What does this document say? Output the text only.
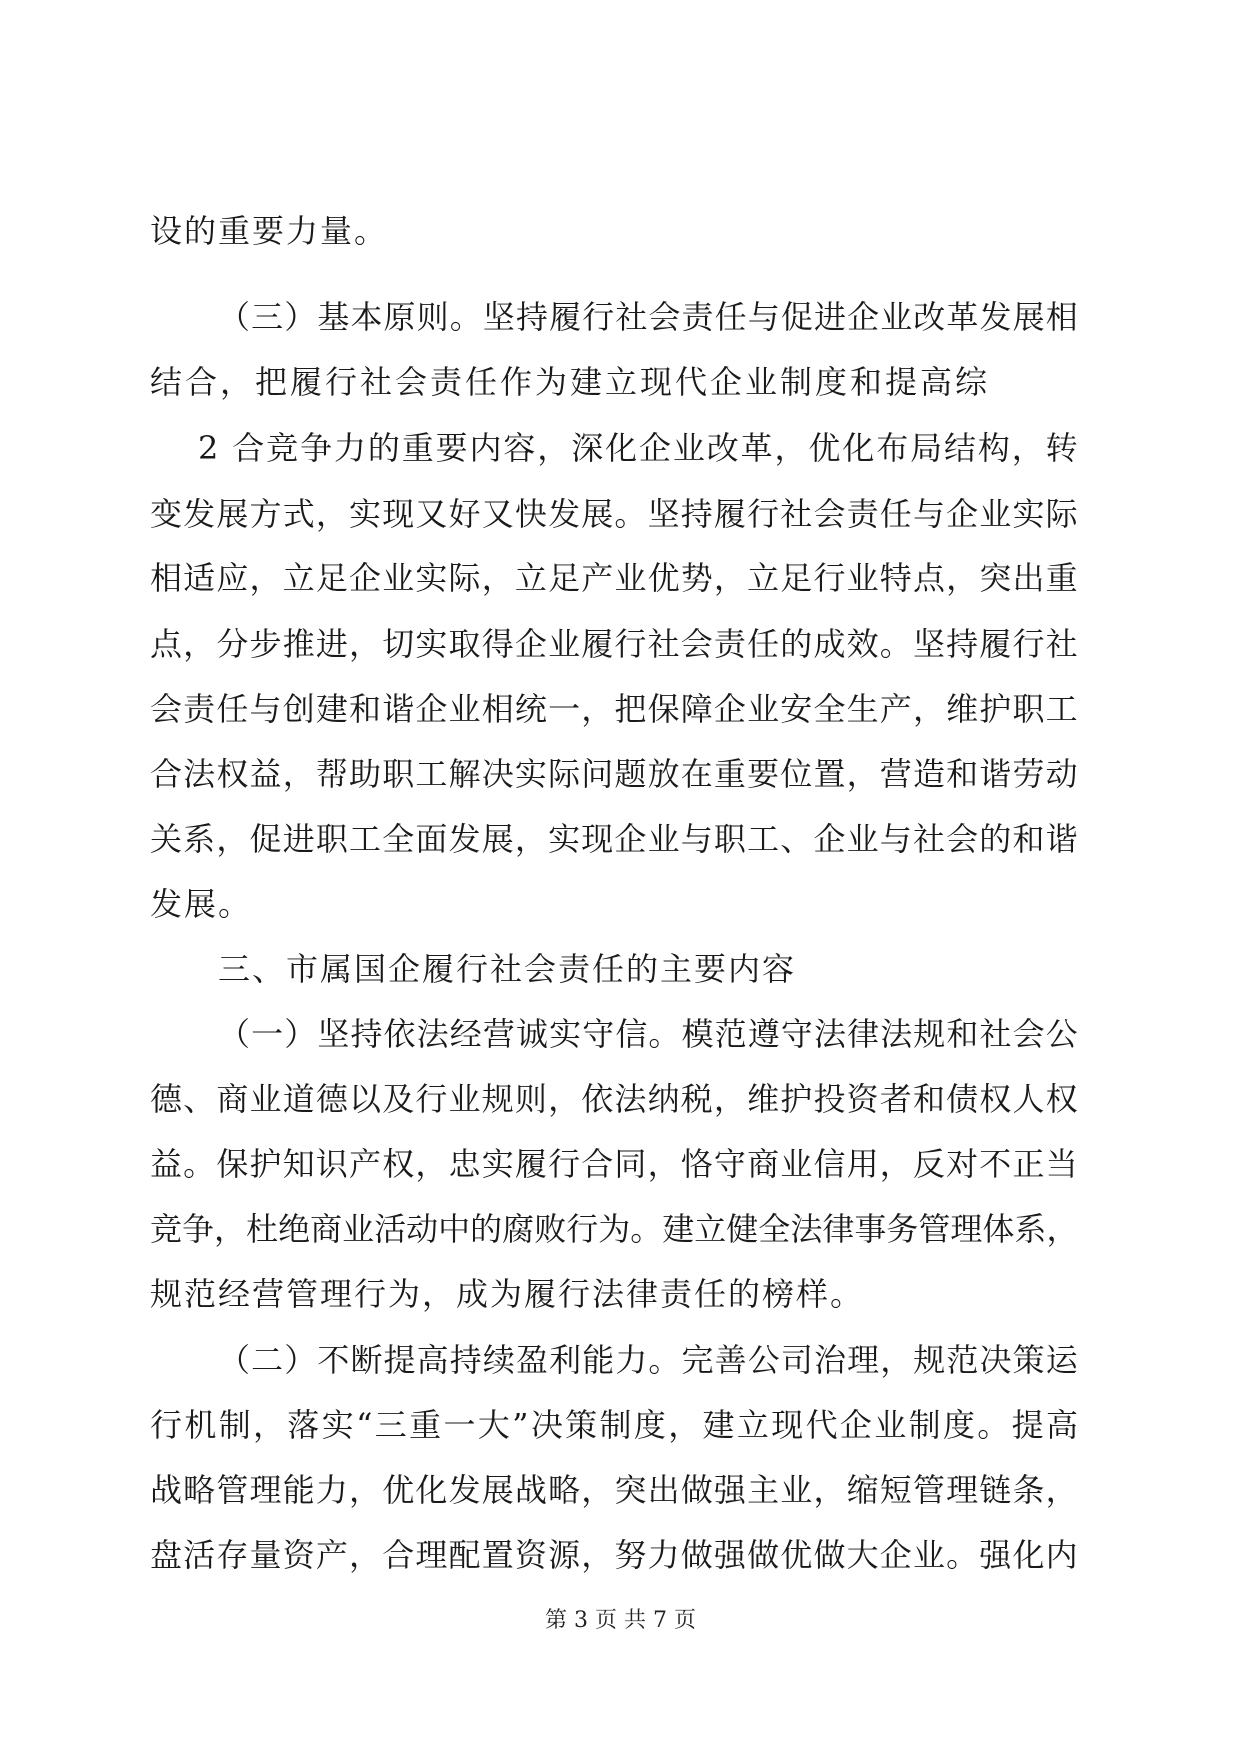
设的重要力量。
（ 三 ） 基 本 原 则 。 坚 持 履 行 社 会 责 任 与 促 进 企 业 改 革 发 展 相
结合，把履行社会责任作为建立现代企业制度和提高综
2
合 竞 争 力 的 重 要 内 容 ， 深 化 企 业 改 革 ， 优 化 布 局 结 构 ， 转
变 发 展 方 式 ， 实 现 又 好 又 快 发 展 。 坚 持 履 行 社 会 责 任 与 企 业 实 际
相 适 应 ， 立 足 企 业 实 际 ， 立 足 产 业 优 势 ， 立 足 行 业 特 点 ， 突 出 重
点 ， 分 步 推 进 ， 切 实 取 得 企 业 履 行 社 会 责 任 的 成 效 。 坚 持 履 行 社
会 责 任 与 创 建 和 谐 企 业 相 统 一 ， 把 保 障 企 业 安 全 生 产 ， 维 护 职 工
合 法 权 益 ， 帮 助 职 工 解 决 实 际 问 题 放 在 重 要 位 置 ， 营 造 和 谐 劳 动
关 系 ， 促 进 职 工 全 面 发 展 ， 实 现 企 业 与 职 工 、 企 业 与 社 会 的 和 谐
发展。
三、市属国企履行社会责任的主要内容
（ 一 ） 坚 持 依 法 经 营 诚 实 守 信 。 模 范 遵 守 法 律 法 规 和 社 会 公
德 、 商 业 道 德 以 及 行 业 规 则 ， 依 法 纳 税 ， 维 护 投 资 者 和 债 权 人 权
益 。 保 护 知 识 产 权 ， 忠 实 履 行 合 同 ， 恪 守 商 业 信 用 ， 反 对 不 正 当
竞 争 ， 杜 绝 商 业 活 动 中 的 腐 败 行 为 。 建 立 健 全 法 律 事 务 管 理 体 系 ，
规范经营管理行为，成为履行法律责任的榜样。
（ 二 ） 不 断 提 高 持 续 盈 利 能 力 。 完 善 公 司 治 理 ， 规 范 决 策 运
行 机 制 ， 落 实 “ 三 重 一 大 ” 决 策 制 度 ， 建 立 现 代 企 业 制 度 。 提 高
战 略 管 理 能 力 ， 优 化 发 展 战 略 ， 突 出 做 强 主 业 ， 缩 短 管 理 链 条 ，
盘 活 存 量 资 产 ， 合 理 配 置 资 源 ， 努 力 做 强 做 优 做 大 企 业 。 强 化 内
第 3 页 共 7 页
